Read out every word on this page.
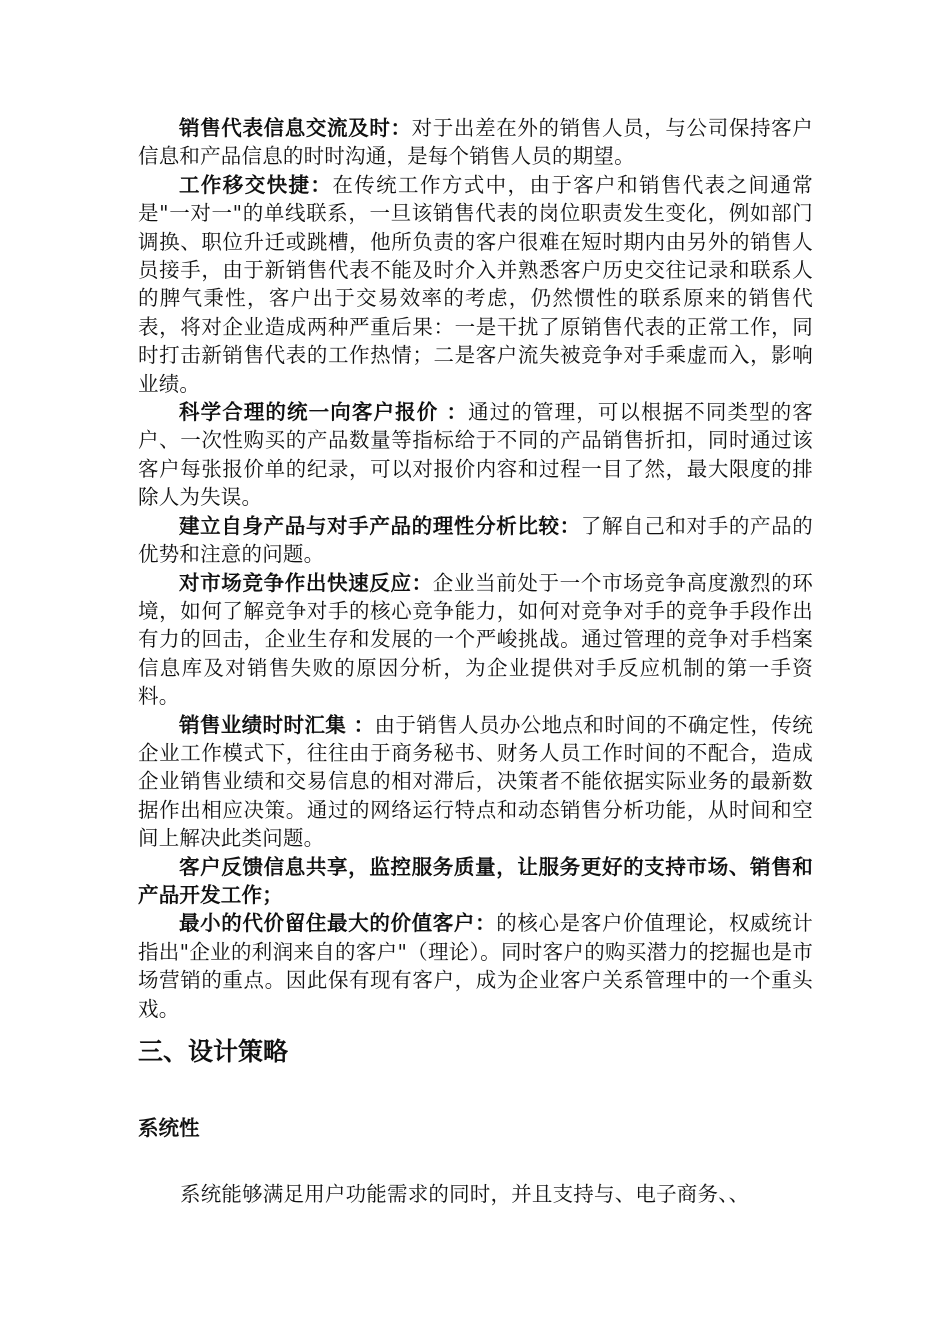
销售代表信息交流及时：对于出差在外的销售人员，与公司保持客户信息和产品信息的时时沟通，是每个销售人员的期望。

工作移交快捷：在传统工作方式中，由于客户和销售代表之间通常是"一对一"的单线联系，一旦该销售代表的岗位职责发生变化，例如部门调换、职位升迁或跳槽，他所负责的客户很难在短时期内由另外的销售人员接手，由于新销售代表不能及时介入并熟悉客户历史交往记录和联系人的脾气秉性，客户出于交易效率的考虑，仍然惯性的联系原来的销售代表，将对企业造成两种严重后果：一是干扰了原销售代表的正常工作，同时打击新销售代表的工作热情；二是客户流失被竞争对手乘虚而入，影响业绩。

科学合理的统一向客户报价 ：通过的管理，可以根据不同类型的客户、一次性购买的产品数量等指标给于不同的产品销售折扣，同时通过该客户每张报价单的纪录，可以对报价内容和过程一目了然，最大限度的排除人为失误。

建立自身产品与对手产品的理性分析比较：了解自己和对手的产品的优势和注意的问题。

对市场竞争作出快速反应：企业当前处于一个市场竞争高度激烈的环境，如何了解竞争对手的核心竞争能力，如何对竞争对手的竞争手段作出有力的回击，企业生存和发展的一个严峻挑战。通过管理的竞争对手档案信息库及对销售失败的原因分析，为企业提供对手反应机制的第一手资料。

销售业绩时时汇集 ：由于销售人员办公地点和时间的不确定性，传统企业工作模式下，往往由于商务秘书、财务人员工作时间的不配合，造成企业销售业绩和交易信息的相对滞后，决策者不能依据实际业务的最新数据作出相应决策。通过的网络运行特点和动态销售分析功能，从时间和空间上解决此类问题。

客户反馈信息共享，监控服务质量，让服务更好的支持市场、销售和产品开发工作；

最小的代价留住最大的价值客户：的核心是客户价值理论，权威统计指出"企业的利润来自的客户"（理论）。同时客户的购买潜力的挖掘也是市场营销的重点。因此保有现有客户，成为企业客户关系管理中的一个重头戏。

三、设计策略
系统性

系统能够满足用户功能需求的同时，并且支持与、电子商务、、
